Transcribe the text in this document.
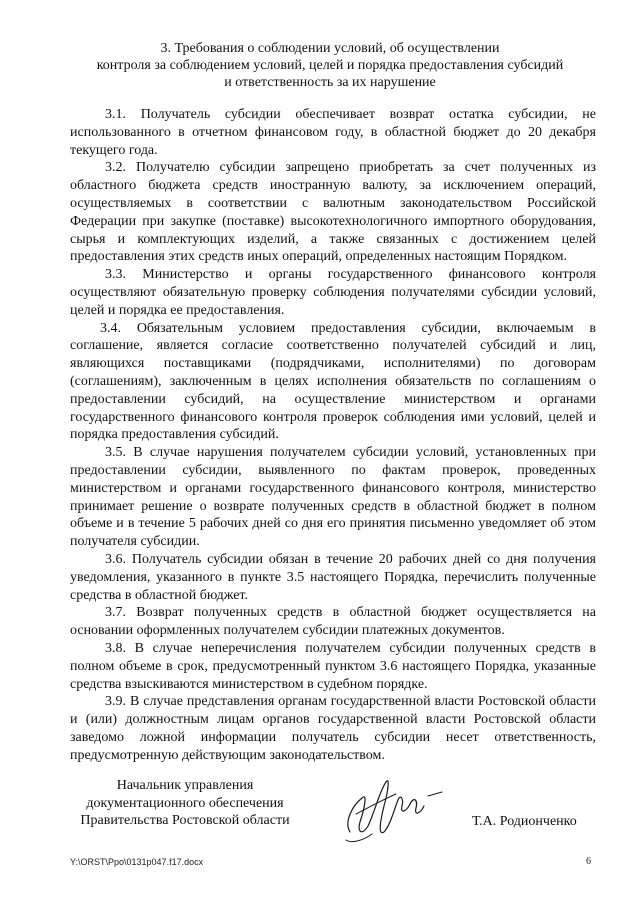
3. Требования о соблюдении условий, об осуществлении
контроля за соблюдением условий, целей и порядка предоставления субсидий
и ответственность за их нарушение

3.1. Получатель субсидии обеспечивает возврат остатка субсидии, не использованного в отчетном финансовом году, в областной бюджет до 20 декабря текущего года.

3.2. Получателю субсидии запрещено приобретать за счет полученных из областного бюджета средств иностранную валюту, за исключением операций, осуществляемых в соответствии с валютным законодательством Российской Федерации при закупке (поставке) высокотехнологичного импортного оборудования, сырья и комплектующих изделий, а также связанных с достижением целей предоставления этих средств иных операций, определенных настоящим Порядком.

3.3. Министерство и органы государственного финансового контроля осуществляют обязательную проверку соблюдения получателями субсидии условий, целей и порядка ее предоставления.

3.4. Обязательным условием предоставления субсидии, включаемым в соглашение, является согласие соответственно получателей субсидий и лиц, являющихся поставщиками (подрядчиками, исполнителями) по договорам (соглашениям), заключенным в целях исполнения обязательств по соглашениям о предоставлении субсидий, на осуществление министерством и органами государственного финансового контроля проверок соблюдения ими условий, целей и порядка предоставления субсидий.

3.5. В случае нарушения получателем субсидии условий, установленных при предоставлении субсидии, выявленного по фактам проверок, проведенных министерством и органами государственного финансового контроля, министерство принимает решение о возврате полученных средств в областной бюджет в полном объеме и в течение 5 рабочих дней со дня его принятия письменно уведомляет об этом получателя субсидии.

3.6. Получатель субсидии обязан в течение 20 рабочих дней со дня получения уведомления, указанного в пункте 3.5 настоящего Порядка, перечислить полученные средства в областной бюджет.

3.7. Возврат полученных средств в областной бюджет осуществляется на основании оформленных получателем субсидии платежных документов.

3.8. В случае неперечисления получателем субсидии полученных средств в полном объеме в срок, предусмотренный пунктом 3.6 настоящего Порядка, указанные средства взыскиваются министерством в судебном порядке.

3.9. В случае представления органам государственной власти Ростовской области и (или) должностным лицам органов государственной власти Ростовской области заведомо ложной информации получатель субсидии несет ответственность, предусмотренную действующим законодательством.

Начальник управления
документационного обеспечения
Правительства Ростовской области	Т.А. Родионченко
Y:\ORST\Ppo\0131p047.f17.docx	6
